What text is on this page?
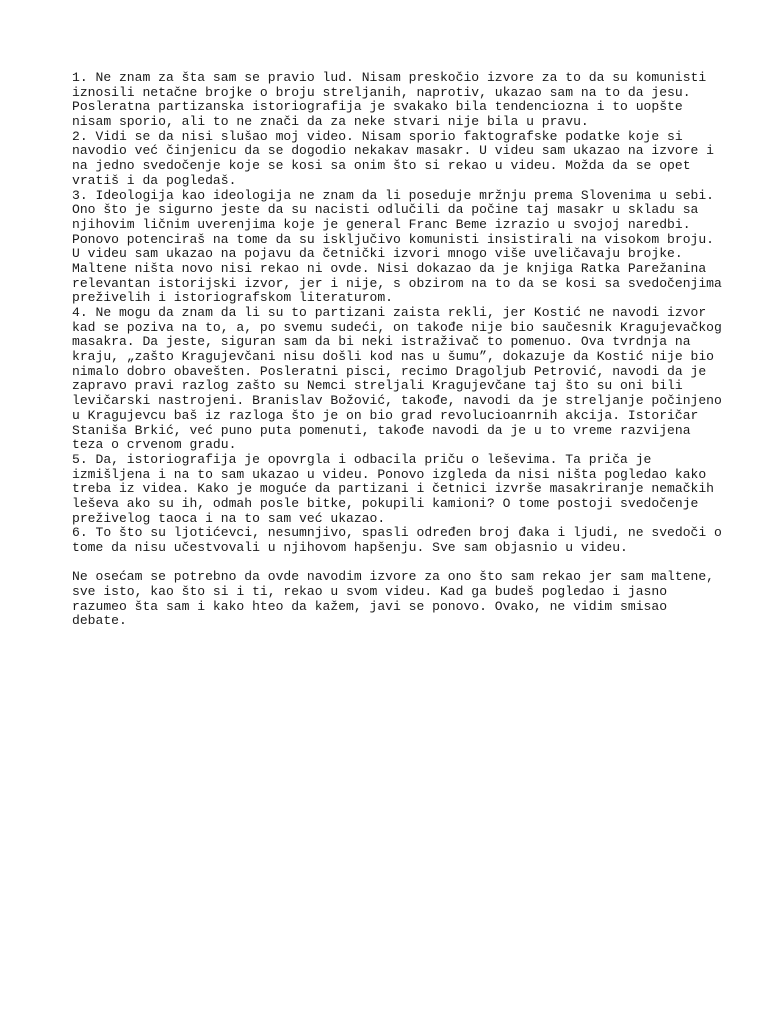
1. Ne znam za šta sam se pravio lud. Nisam preskočio izvore za to da su komunisti
iznosili netačne brojke o broju streljanih, naprotiv, ukazao sam na to da jesu.
Posleratna partizanska istoriografija je svakako bila tendenciozna i to uopšte
nisam sporio, ali to ne znači da za neke stvari nije bila u pravu.
2. Vidi se da nisi slušao moj video. Nisam sporio faktografske podatke koje si
navodio već činjenicu da se dogodio nekakav masakr. U videu sam ukazao na izvore i
na jedno svedočenje koje se kosi sa onim što si rekao u videu. Možda da se opet
vratiš i da pogledaš.
3. Ideologija kao ideologija ne znam da li poseduje mržnju prema Slovenima u sebi.
Ono što je sigurno jeste da su nacisti odlučili da počine taj masakr u skladu sa
njihovim ličnim uverenjima koje je general Franc Beme izrazio u svojoj naredbi.
Ponovo potenciraš na tome da su isključivo komunisti insistirali na visokom broju.
U videu sam ukazao na pojavu da četnički izvori mnogo više uveličavaju brojke.
Maltene ništa novo nisi rekao ni ovde. Nisi dokazao da je knjiga Ratka Parežanina
relevantan istorijski izvor, jer i nije, s obzirom na to da se kosi sa svedočenjima
preživelih i istoriografskom literaturom.
4. Ne mogu da znam da li su to partizani zaista rekli, jer Kostić ne navodi izvor
kad se poziva na to, a, po svemu sudeći, on takođe nije bio saučesnik Kragujevačkog
masakra. Da jeste, siguran sam da bi neki istraživač to pomenuo. Ova tvrdnja na
kraju, „zašto Kragujevčani nisu došli kod nas u šumu”, dokazuje da Kostić nije bio
nimalo dobro obavešten. Posleratni pisci, recimo Dragoljub Petrović, navodi da je
zapravo pravi razlog zašto su Nemci streljali Kragujevčane taj što su oni bili
levičarski nastrojeni. Branislav Božović, takođe, navodi da je streljanje počinjeno
u Kragujevcu baš iz razloga što je on bio grad revolucioanrnih akcija. Istoričar
Staniša Brkić, već puno puta pomenuti, takođe navodi da je u to vreme razvijena
teza o crvenom gradu.
5. Da, istoriografija je opovrgla i odbacila priču o leševima. Ta priča je
izmišljena i na to sam ukazao u videu. Ponovo izgleda da nisi ništa pogledao kako
treba iz videa. Kako je moguće da partizani i četnici izvrše masakriranje nemačkih
leševa ako su ih, odmah posle bitke, pokupili kamioni? O tome postoji svedočenje
preživelog taoca i na to sam već ukazao.
6. To što su ljotićevci, nesumnjivo, spasli određen broj đaka i ljudi, ne svedoči o
tome da nisu učestvovali u njihovom hapšenju. Sve sam objasnio u videu.
Ne osećam se potrebno da ovde navodim izvore za ono što sam rekao jer sam maltene,
sve isto, kao što si i ti, rekao u svom videu. Kad ga budeš pogledao i jasno
razumeo šta sam i kako hteo da kažem, javi se ponovo. Ovako, ne vidim smisao
debate.
